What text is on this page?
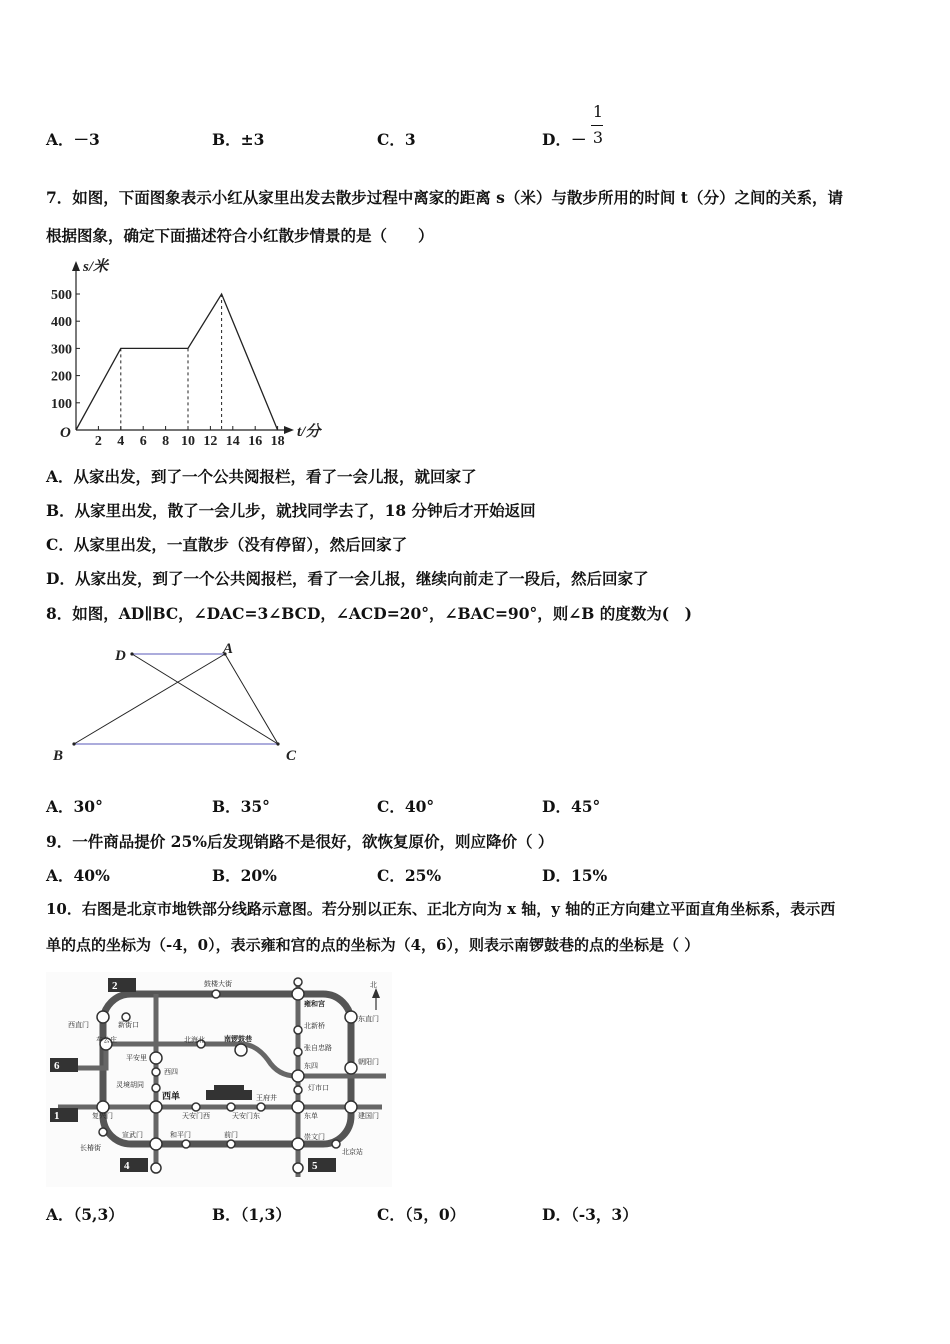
A．－3	B．±3	C．3	D．－
1
3
7．如图，下面图象表示小红从家里出发去散步过程中离家的距离 s（米）与散步所用的时间 t（分）之间的关系，请
根据图象，确定下面描述符合小红散步情景的是（　　）
500
400
300
200
100
2 4 6 8 10 12 14 16 18
s/米
t/分
O
A．从家出发，到了一个公共阅报栏，看了一会儿报，就回家了
B．从家里出发，散了一会儿步，就找同学去了，18 分钟后才开始返回
C．从家里出发，一直散步（没有停留），然后回家了
D．从家出发，到了一个公共阅报栏，看了一会儿报，继续向前走了一段后，然后回家了
8．如图，AD∥BC，∠DAC=3∠BCD，∠ACD=20°，∠BAC=90°，则∠B 的度数为(　)
D	A
B	C
A．30°	B．35°	C．40°	D．45°
9．一件商品提价 25%后发现销路不是很好，欲恢复原价，则应降价（ ）
A．40%	B．20%	C．25%	D．15%
10．右图是北京市地铁部分线路示意图。若分别以正东、正北方向为 x 轴，y 轴的正方向建立平面直角坐标系，表示西
单的点的坐标为（-4，0），表示雍和宫的点的坐标为（4，6），则表示南锣鼓巷的点的坐标是（ ）
2
6
1
4	5
鼓楼大街
雍和宫
北
东直门
西直门	新街口	北新桥
车公庄	北海北	南锣鼓巷
张自忠路
平安里	朝阳门
西四
东四
灯市口
灵境胡同
西单	王府井
复兴门	天安门西	天安门东	东单	建国门
宣武门	和平门	前门	崇文门
长椿街	北京站
A．（5,3）	B．（1,3）	C．（5，0）	D．（-3，3）
